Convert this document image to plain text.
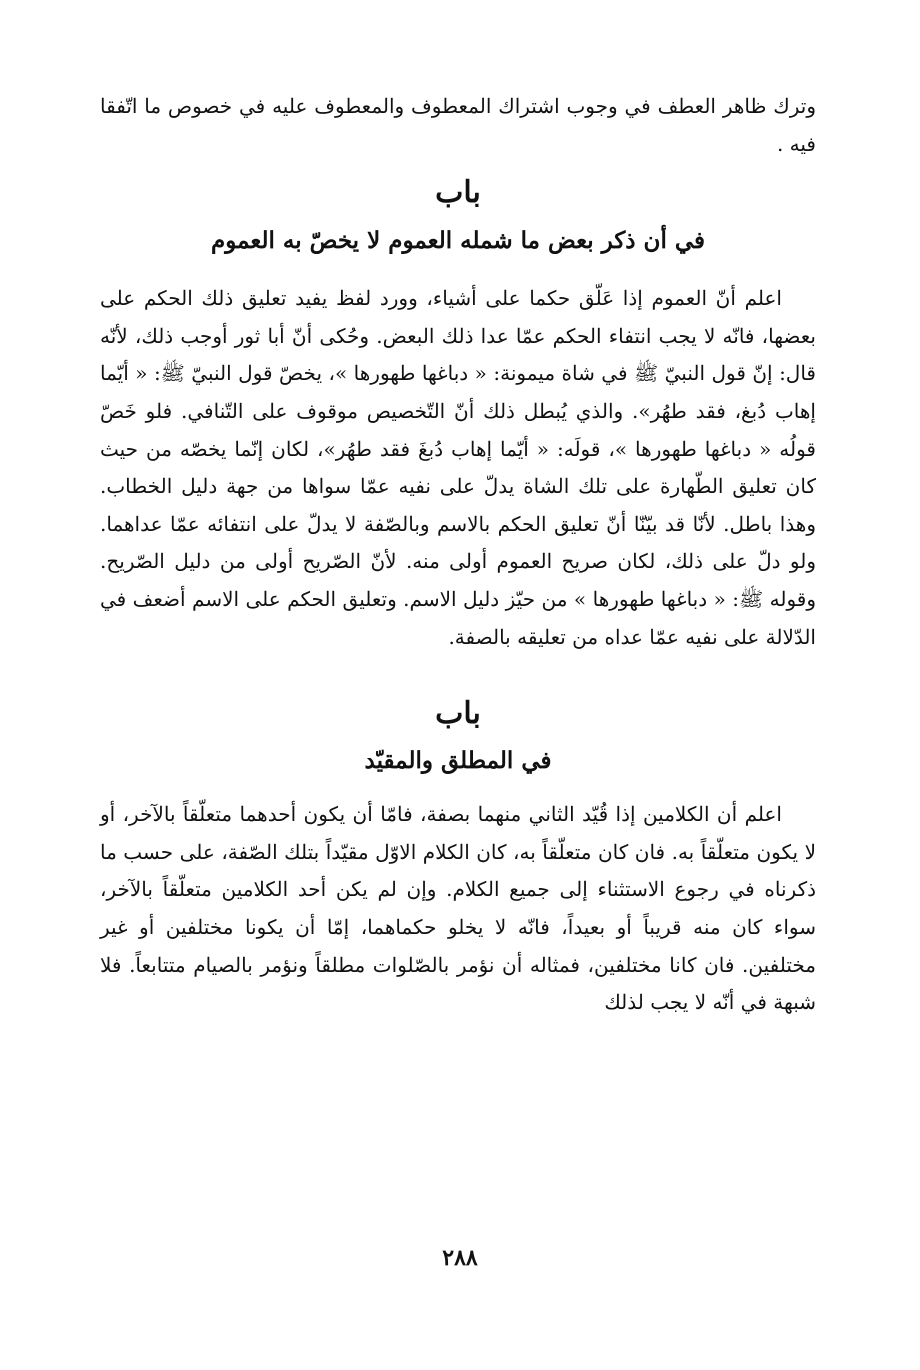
وترك ظاهر العطف في وجوب اشتراك المعطوف والمعطوف عليه في خصوص ما اتّفقا فيه .

باب
في أن ذكر بعض ما شمله العموم لا يخصّ به العموم

اعلم أنّ العموم إذا عَلّق حكما على أشياء، وورد لفظ يفيد تعليق ذلك الحكم على بعضها، فانّه لا يجب انتفاء الحكم عمّا عدا ذلك البعض. وحُكى أنّ أبا ثور أوجب ذلك، لأنّه قال: إنّ قول النبيّ ﷺ في شاة ميمونة: « دباغها طهورها »، يخصّ قول النبيّ ﷺ: « أيّما إهاب دُبغ، فقد طهُر». والذي يُبطل ذلك أنّ التّخصيص موقوف على التّنافي. فلو خَصّ قولُه « دباغها طهورها »، قولَه: « أيّما إهاب دُبغَ فقد طهُر»، لكان إنّما يخصّه من حيث كان تعليق الطّهارة على تلك الشاة يدلّ على نفيه عمّا سواها من جهة دليل الخطاب. وهذا باطل. لأنّا قد بيّنّا أنّ تعليق الحكم بالاسم وبالصّفة لا يدلّ على انتفائه عمّا عداهما. ولو دلّ على ذلك، لكان صريح العموم أولى منه. لأنّ الصّريح أولى من دليل الصّريح. وقوله ﷺ: « دباغها طهورها » من حيّز دليل الاسم. وتعليق الحكم على الاسم أضعف في الدّلالة على نفيه عمّا عداه من تعليقه بالصفة.

باب
في المطلق والمقيّد

اعلم أن الكلامين إذا قُيّد الثاني منهما بصفة، فامّا أن يكون أحدهما متعلّقاً بالآخر، أو لا يكون متعلّقاً به. فان كان متعلّقاً به، كان الكلام الاوّل مقيّداً بتلك الصّفة، على حسب ما ذكرناه في رجوع الاستثناء إلى جميع الكلام. وإن لم يكن أحد الكلامين متعلّقاً بالآخر، سواء كان منه قريباً أو بعيداً، فانّه لا يخلو حكماهما، إمّا أن يكونا مختلفين أو غير مختلفين. فان كانا مختلفين، فمثاله أن نؤمر بالصّلوات مطلقاً ونؤمر بالصيام متتابعاً. فلا شبهة في أنّه لا يجب لذلك

٢٨٨
